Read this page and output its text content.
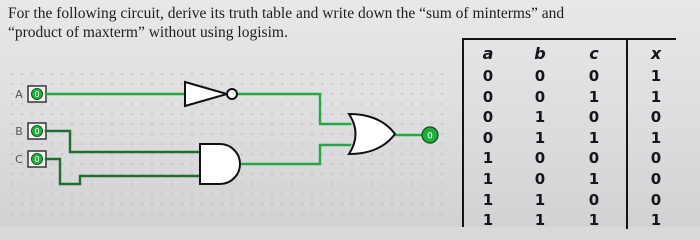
For the following circuit, derive its truth table and write down the “sum of minterms” and
“product of maxterm” without using logisim.

0
A
0
B
0
C
0
a
0
0
0
0
1
1
1
1
b
0
0
1
1
0
0
1
1
c
0
1
0
1
0
1
0
1
x
1
1
0
1
0
0
0
1
